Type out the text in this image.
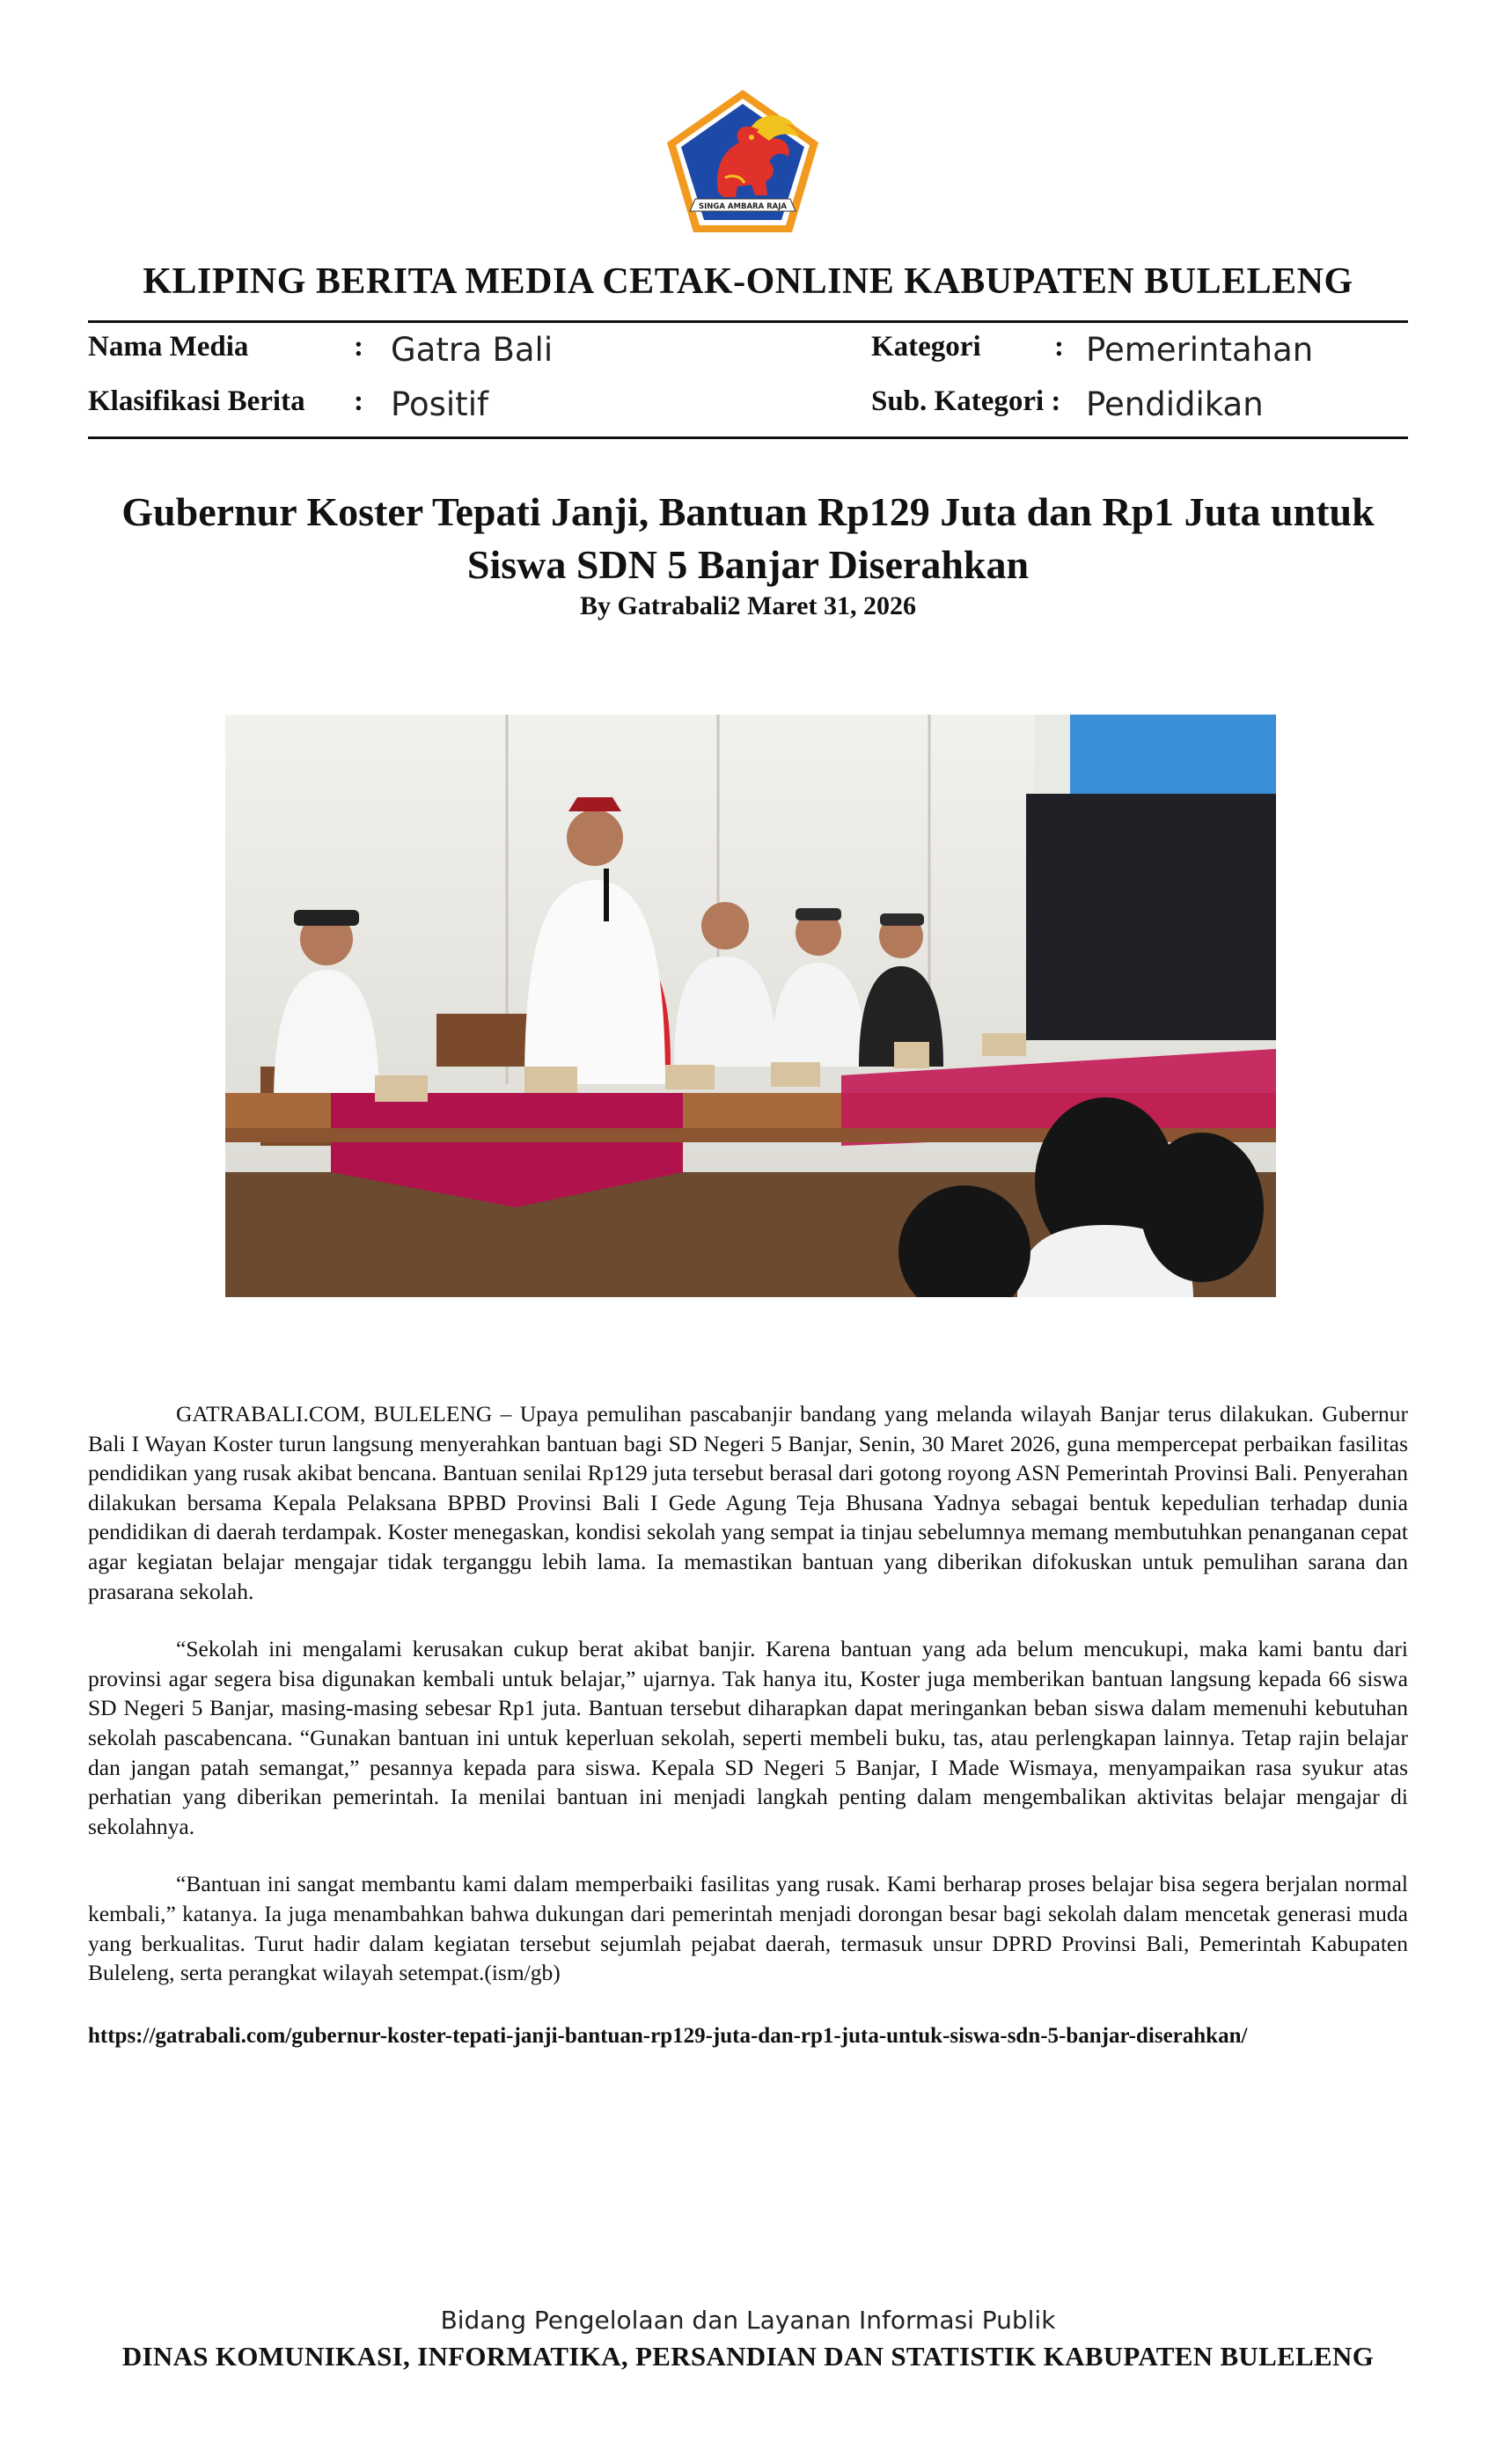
SINGA AMBARA RAJA
KLIPING BERITA MEDIA CETAK-ONLINE KABUPATEN BULELENG
Nama Media	: Gatra Bali
Klasifikasi Berita : Positif
Kategori	: Pemerintahan
Sub. Kategori : Pendidikan
Gubernur Koster Tepati Janji, Bantuan Rp129 Juta dan Rp1 Juta untuk
Siswa SDN 5 Banjar Diserahkan
By Gatrabali2 Maret 31, 2026

GATRABALI.COM, BULELENG – Upaya pemulihan pascabanjir bandang yang melanda wilayah Banjar terus dilakukan. Gubernur Bali I Wayan Koster turun langsung menyerahkan bantuan bagi SD Negeri 5 Banjar, Senin, 30 Maret 2026, guna mempercepat perbaikan fasilitas pendidikan yang rusak akibat bencana. Bantuan senilai Rp129 juta tersebut berasal dari gotong royong ASN Pemerintah Provinsi Bali. Penyerahan dilakukan bersama Kepala Pelaksana BPBD Provinsi Bali I Gede Agung Teja Bhusana Yadnya sebagai bentuk kepedulian terhadap dunia pendidikan di daerah terdampak. Koster menegaskan, kondisi sekolah yang sempat ia tinjau sebelumnya memang membutuhkan penanganan cepat agar kegiatan belajar mengajar tidak terganggu lebih lama. Ia memastikan bantuan yang diberikan difokuskan untuk pemulihan sarana dan prasarana sekolah.

“Sekolah ini mengalami kerusakan cukup berat akibat banjir. Karena bantuan yang ada belum mencukupi, maka kami bantu dari provinsi agar segera bisa digunakan kembali untuk belajar,” ujarnya. Tak hanya itu, Koster juga memberikan bantuan langsung kepada 66 siswa SD Negeri 5 Banjar, masing-masing sebesar Rp1 juta. Bantuan tersebut diharapkan dapat meringankan beban siswa dalam memenuhi kebutuhan sekolah pascabencana. “Gunakan bantuan ini untuk keperluan sekolah, seperti membeli buku, tas, atau perlengkapan lainnya. Tetap rajin belajar dan jangan patah semangat,” pesannya kepada para siswa. Kepala SD Negeri 5 Banjar, I Made Wismaya, menyampaikan rasa syukur atas perhatian yang diberikan pemerintah. Ia menilai bantuan ini menjadi langkah penting dalam mengembalikan aktivitas belajar mengajar di sekolahnya.

“Bantuan ini sangat membantu kami dalam memperbaiki fasilitas yang rusak. Kami berharap proses belajar bisa segera berjalan normal kembali,” katanya. Ia juga menambahkan bahwa dukungan dari pemerintah menjadi dorongan besar bagi sekolah dalam mencetak generasi muda yang berkualitas. Turut hadir dalam kegiatan tersebut sejumlah pejabat daerah, termasuk unsur DPRD Provinsi Bali, Pemerintah Kabupaten Buleleng, serta perangkat wilayah setempat.(ism/gb)

https://gatrabali.com/gubernur-koster-tepati-janji-bantuan-rp129-juta-dan-rp1-juta-untuk-siswa-sdn-5-banjar-diserahkan/
Bidang Pengelolaan dan Layanan Informasi Publik
DINAS KOMUNIKASI, INFORMATIKA, PERSANDIAN DAN STATISTIK KABUPATEN BULELENG
